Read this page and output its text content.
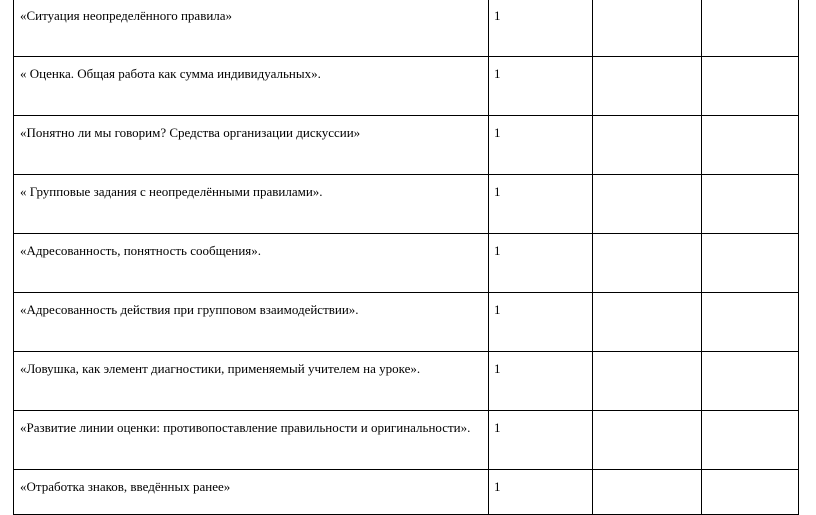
«Ситуация неопределённого правила»	1		
« Оценка. Общая работа как сумма индивидуальных».	1		
«Понятно ли мы говорим? Средства организации дискуссии»	1		
« Групповые задания с неопределёнными правилами».	1		
«Адресованность, понятность сообщения».	1		
«Адресованность действия при групповом взаимодействии».	1		
«Ловушка, как элемент диагностики, применяемый учителем на уроке».	1		
«Развитие линии оценки: противопоставление правильности и оригинальности».	1		
«Отработка знаков, введённых ранее»	1		
